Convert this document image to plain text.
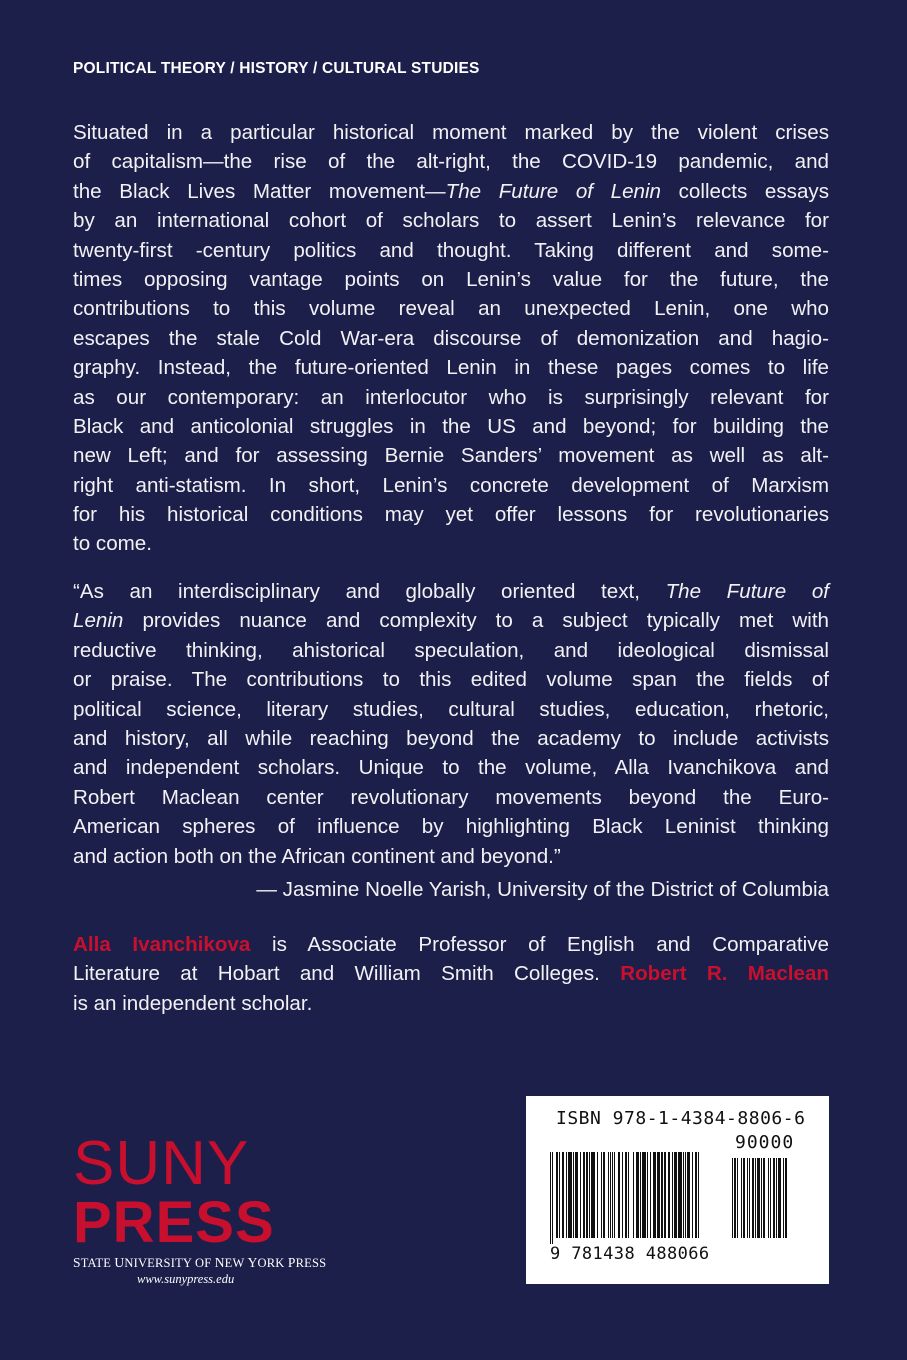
POLITICAL THEORY / HISTORY / CULTURAL STUDIES
Situated in a particular historical moment marked by the violent crises
of capitalism—the rise of the alt-right, the COVID-19 pandemic, and
the Black Lives Matter movement—The Future of Lenin collects essays
by an international cohort of scholars to assert Lenin’s relevance for
twenty-first -century politics and thought. Taking different and some-
times opposing vantage points on Lenin’s value for the future, the
contributions to this volume reveal an unexpected Lenin, one who
escapes the stale Cold War-era discourse of demonization and hagio-
graphy. Instead, the future-oriented Lenin in these pages comes to life
as our contemporary: an interlocutor who is surprisingly relevant for
Black and anticolonial struggles in the US and beyond; for building the
new Left; and for assessing Bernie Sanders’ movement as well as alt-
right anti-statism. In short, Lenin’s concrete development of Marxism
for his historical conditions may yet offer lessons for revolutionaries
to come.
“As an interdisciplinary and globally oriented text, The Future of
Lenin provides nuance and complexity to a subject typically met with
reductive thinking, ahistorical speculation, and ideological dismissal
or praise. The contributions to this edited volume span the fields of
political science, literary studies, cultural studies, education, rhetoric,
and history, all while reaching beyond the academy to include activists
and independent scholars. Unique to the volume, Alla Ivanchikova and
Robert Maclean center revolutionary movements beyond the Euro-
American spheres of influence by highlighting Black Leninist thinking
and action both on the African continent and beyond.”
— Jasmine Noelle Yarish, University of the District of Columbia
Alla Ivanchikova is Associate Professor of English and Comparative
Literature at Hobart and William Smith Colleges. Robert R. Maclean
is an independent scholar.
SUNY
PRESS
STATE UNIVERSITY OF NEW YORK PRESS
www.sunypress.edu
ISBN 978-1-4384-8806-6
90000
9 781438 488066
